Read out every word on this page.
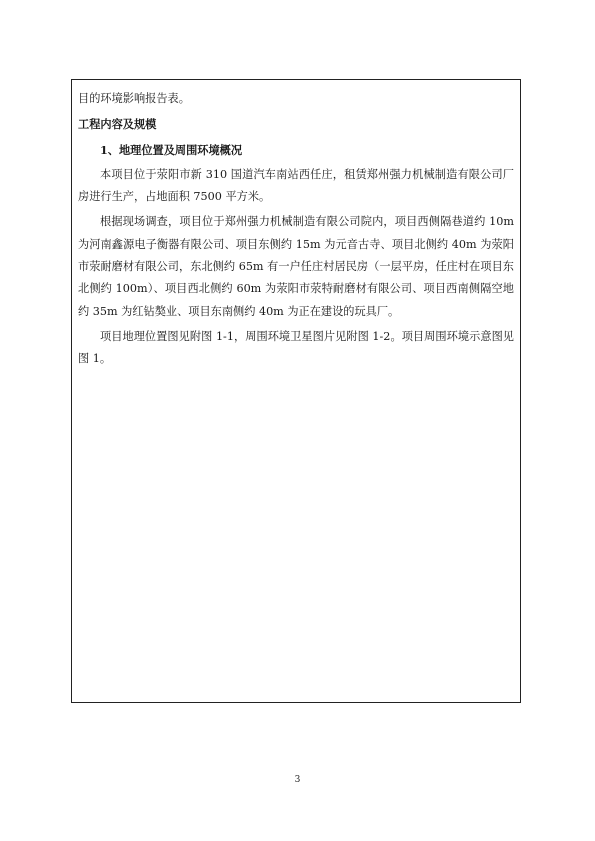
目的环境影响报告表。

工程内容及规模

1、地理位置及周围环境概况

本项目位于荥阳市新 310 国道汽车南站西任庄，租赁郑州强力机械制造有限公司厂房进行生产，占地面积 7500 平方米。

根据现场调查，项目位于郑州强力机械制造有限公司院内，项目西侧隔巷道约 10m 为河南鑫源电子衡器有限公司、项目东侧约 15m 为元音古寺、项目北侧约 40m 为荥阳市荥耐磨材有限公司，东北侧约 65m 有一户任庄村居民房（一层平房，任庄村在项目东北侧约 100m）、项目西北侧约 60m 为荥阳市荥特耐磨材有限公司、项目西南侧隔空地约 35m 为红钻獒业、项目东南侧约 40m 为正在建设的玩具厂。

项目地理位置图见附图 1-1，周围环境卫星图片见附图 1-2。项目周围环境示意图见图 1。

3
